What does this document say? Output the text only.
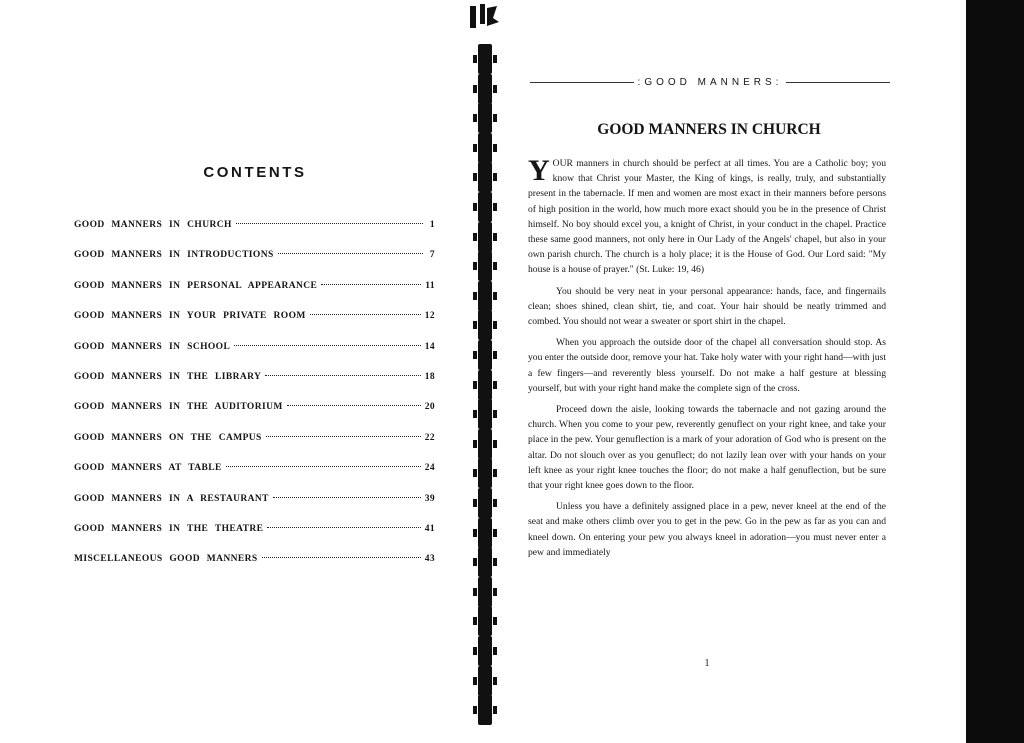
CONTENTS
GOOD MANNERS IN CHURCH	1
GOOD MANNERS IN INTRODUCTIONS	7
GOOD MANNERS IN PERSONAL APPEARANCE	11
GOOD MANNERS IN YOUR PRIVATE ROOM	12
GOOD MANNERS IN SCHOOL	14
GOOD MANNERS IN THE LIBRARY	18
GOOD MANNERS IN THE AUDITORIUM	20
GOOD MANNERS ON THE CAMPUS	22
GOOD MANNERS AT TABLE	24
GOOD MANNERS IN A RESTAURANT	39
GOOD MANNERS IN THE THEATRE	41
MISCELLANEOUS GOOD MANNERS	43
:GOOD MANNERS:
GOOD MANNERS IN CHURCH

YOUR manners in church should be perfect at all times. You are a Catholic boy; you know that Christ your Master, the King of kings, is really, truly, and substantially present in the tabernacle. If men and women are most exact in their manners before persons of high position in the world, how much more exact should you be in the presence of Christ himself. No boy should excel you, a knight of Christ, in your conduct in the chapel. Practice these same good manners, not only here in Our Lady of the Angels' chapel, but also in your own parish church. The church is a holy place; it is the House of God. Our Lord said: "My house is a house of prayer." (St. Luke: 19, 46)

You should be very neat in your personal appearance: hands, face, and fingernails clean; shoes shined, clean shirt, tie, and coat. Your hair should be neatly trimmed and combed. You should not wear a sweater or sport shirt in the chapel.

When you approach the outside door of the chapel all conversation should stop. As you enter the outside door, remove your hat. Take holy water with your right hand—with just a few fingers—and reverently bless yourself. Do not make a half gesture at blessing yourself, but with your right hand make the complete sign of the cross.

Proceed down the aisle, looking towards the tabernacle and not gazing around the church. When you come to your pew, reverently genuflect on your right knee, and take your place in the pew. Your genuflection is a mark of your adoration of God who is present on the altar. Do not slouch over as you genuflect; do not lazily lean over with your hands on your left knee as your right knee touches the floor; do not make a half genuflection, but be sure that your right knee goes down to the floor.

Unless you have a definitely assigned place in a pew, never kneel at the end of the seat and make others climb over you to get in the pew. Go in the pew as far as you can and kneel down. On entering your pew you always kneel in adoration—you must never enter a pew and immediately

1
